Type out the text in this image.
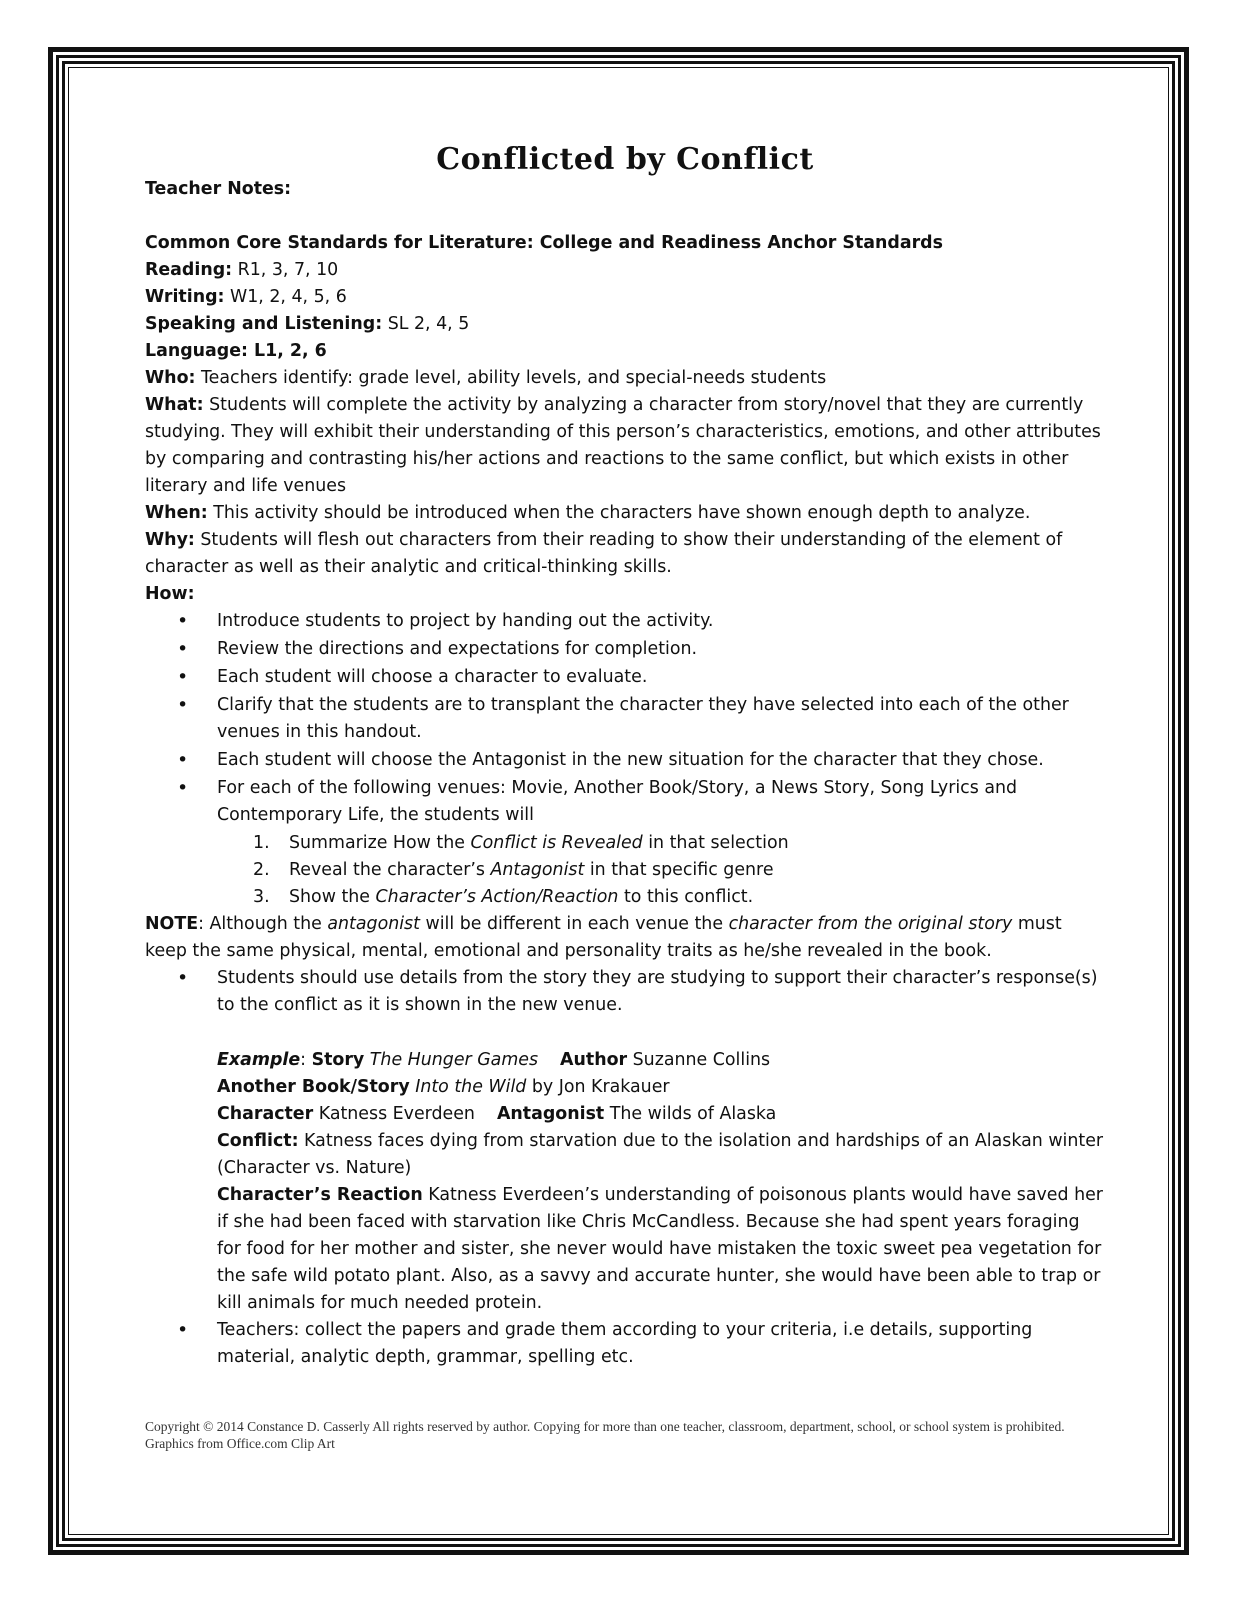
Conflicted by Conflict

Teacher Notes:

Common Core Standards for Literature: College and Readiness Anchor Standards

Reading: R1, 3, 7, 10

Writing: W1, 2, 4, 5, 6

Speaking and Listening: SL 2, 4, 5

Language: L1, 2, 6

Who: Teachers identify: grade level, ability levels, and special-needs students

What: Students will complete the activity by analyzing a character from story/novel that they are currently studying. They will exhibit their understanding of this person’s characteristics, emotions, and other attributes by comparing and contrasting his/her actions and reactions to the same conflict, but which exists in other literary and life venues

When: This activity should be introduced when the characters have shown enough depth to analyze.

Why: Students will flesh out characters from their reading to show their understanding of the element of character as well as their analytic and critical-thinking skills.

How:

• Introduce students to project by handing out the activity.
• Review the directions and expectations for completion.
• Each student will choose a character to evaluate.
• Clarify that the students are to transplant the character they have selected into each of the other venues in this handout.
• Each student will choose the Antagonist in the new situation for the character that they chose.
• For each of the following venues: Movie, Another Book/Story, a News Story, Song Lyrics and Contemporary Life, the students will
1. Summarize How the Conflict is Revealed in that selection
2. Reveal the character’s Antagonist in that specific genre
3. Show the Character’s Action/Reaction to this conflict.

NOTE: Although the antagonist will be different in each venue the character from the original story must keep the same physical, mental, emotional and personality traits as he/she revealed in the book.

• Students should use details from the story they are studying to support their character’s response(s) to the conflict as it is shown in the new venue.

Example: Story The Hunger Games Author Suzanne Collins

Another Book/Story Into the Wild by Jon Krakauer

Character Katness Everdeen Antagonist The wilds of Alaska

Conflict: Katness faces dying from starvation due to the isolation and hardships of an Alaskan winter (Character vs. Nature)

Character’s Reaction Katness Everdeen’s understanding of poisonous plants would have saved her if she had been faced with starvation like Chris McCandless. Because she had spent years foraging for food for her mother and sister, she never would have mistaken the toxic sweet pea vegetation for the safe wild potato plant. Also, as a savvy and accurate hunter, she would have been able to trap or kill animals for much needed protein.

• Teachers: collect the papers and grade them according to your criteria, i.e details, supporting material, analytic depth, grammar, spelling etc.
Copyright © 2014 Constance D. Casserly All rights reserved by author. Copying for more than one teacher, classroom, department, school, or school system is prohibited. Graphics from Office.com Clip Art
